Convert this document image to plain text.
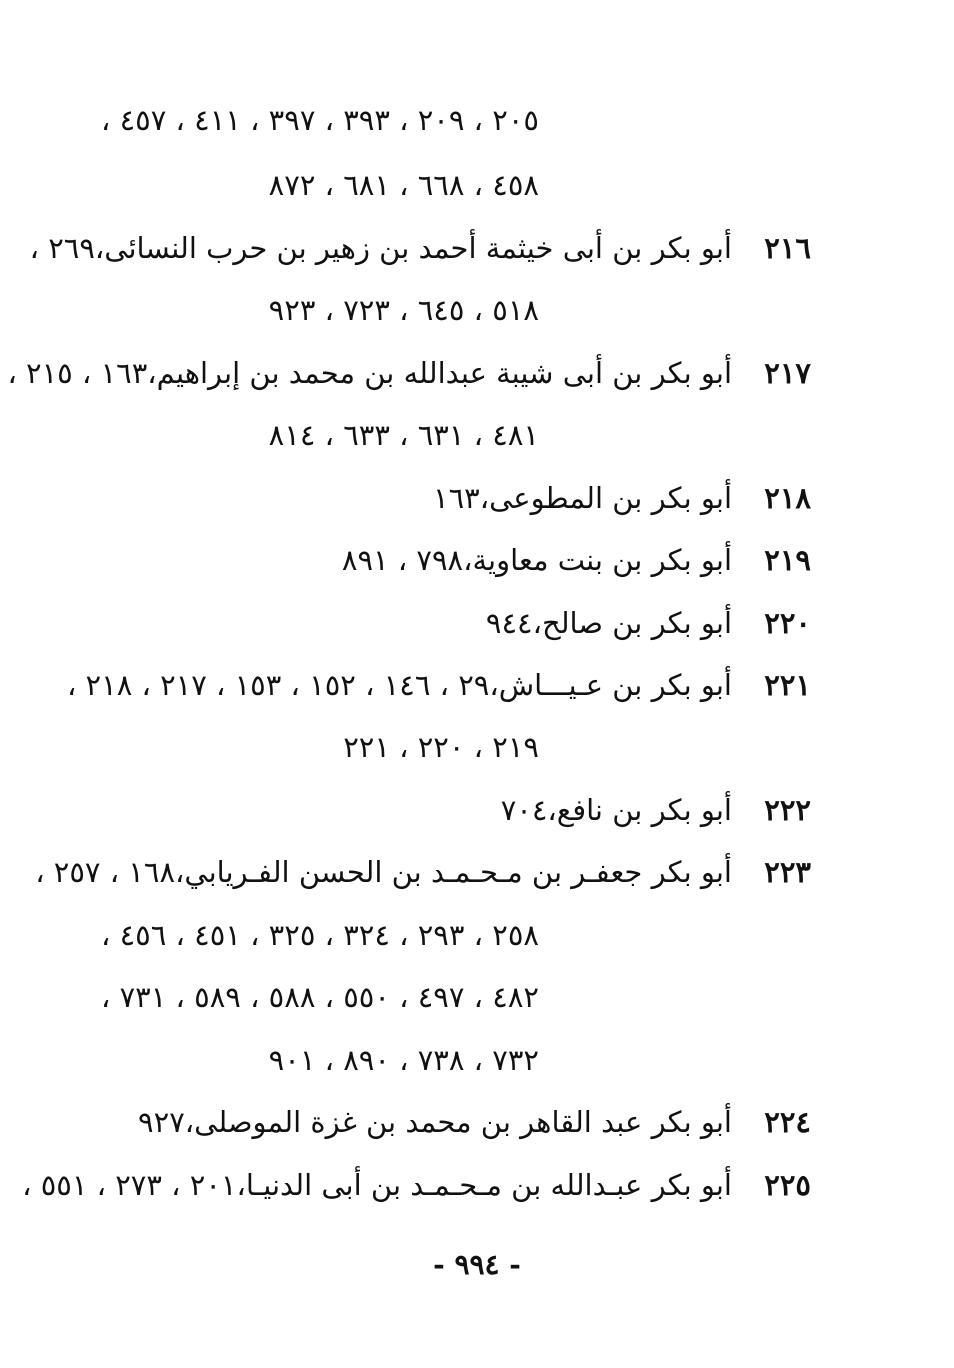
٢٠٥ ، ٢٠٩ ، ٣٩٣ ، ٣٩٧ ، ٤١١ ، ٤٥٧ ،
٤٥٨ ، ٦٦٨ ، ٦٨١ ، ٨٧٢
٢١٦
أبو بكر بن أبى خيثمة أحمد بن زهير بن حرب النسائى،٢٦٩ ،
٥١٨ ، ٦٤٥ ، ٧٢٣ ، ٩٢٣
٢١٧
أبو بكر بن أبى شيبة عبدالله بن محمد بن إبراهيم،١٦٣ ، ٢١٥ ،
٤٨١ ، ٦٣١ ، ٦٣٣ ، ٨١٤
٢١٨
أبو بكر بن المطوعى،١٦٣
٢١٩
أبو بكر بن بنت معاوية،٧٩٨ ، ٨٩١
٢٢٠
أبو بكر بن صالح،٩٤٤
٢٢١
أبو بكر بن عـيـــاش،٢٩ ، ١٤٦ ، ١٥٢ ، ١٥٣ ، ٢١٧ ، ٢١٨ ،
٢١٩ ، ٢٢٠ ، ٢٢١
٢٢٢
أبو بكر بن نافع،٧٠٤
٢٢٣
أبو بكر جعفـر بن مـحـمـد بن الحسن الفـريابي،١٦٨ ، ٢٥٧ ،
٢٥٨ ، ٢٩٣ ، ٣٢٤ ، ٣٢٥ ، ٤٥١ ، ٤٥٦ ،
٤٨٢ ، ٤٩٧ ، ٥٥٠ ، ٥٨٨ ، ٥٨٩ ، ٧٣١ ،
٧٣٢ ، ٧٣٨ ، ٨٩٠ ، ٩٠١
٢٢٤
أبو بكر عبد القاهر بن محمد بن غزة الموصلى،٩٢٧
٢٢٥
أبو بكر عبـدالله بن مـحـمـد بن أبى الدنيـا،٢٠١ ، ٢٧٣ ، ٥٥١ ،
- ٩٩٤ -
